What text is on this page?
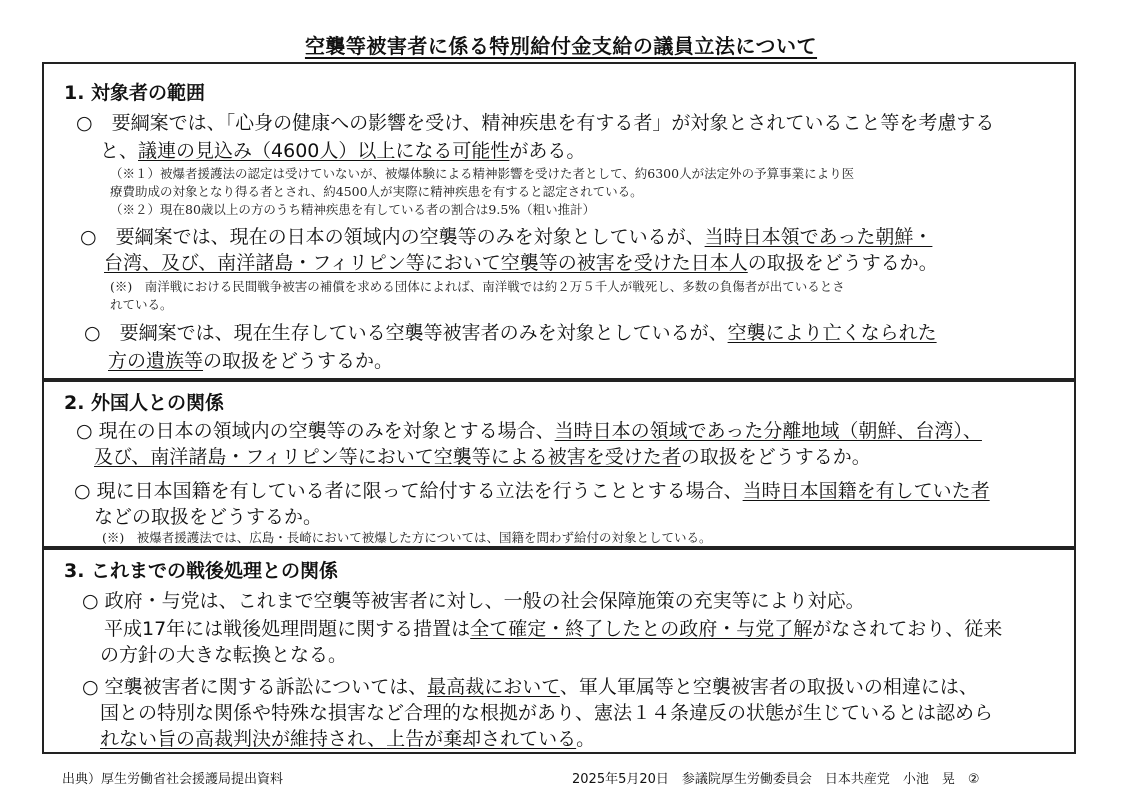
空襲等被害者に係る特別給付金支給の議員立法について
1. 対象者の範囲
○　要綱案では、「心身の健康への影響を受け、精神疾患を有する者」が対象とされていること等を考慮する
と、議連の見込み（4600人）以上になる可能性がある。
（※１）被爆者援護法の認定は受けていないが、被爆体験による精神影響を受けた者として、約6300人が法定外の予算事業により医
療費助成の対象となり得る者とされ、約4500人が実際に精神疾患を有すると認定されている。
（※２）現在80歳以上の方のうち精神疾患を有している者の割合は9.5%（粗い推計）
○　要綱案では、現在の日本の領域内の空襲等のみを対象としているが、当時日本領であった朝鮮・
台湾、及び、南洋諸島・フィリピン等において空襲等の被害を受けた日本人の取扱をどうするか。
(※)　南洋戦における民間戦争被害の補償を求める団体によれば、南洋戦では約２万５千人が戦死し、多数の負傷者が出ているとさ
れている。
○　要綱案では、現在生存している空襲等被害者のみを対象としているが、空襲により亡くなられた
方の遺族等の取扱をどうするか。
2. 外国人との関係
○ 現在の日本の領域内の空襲等のみを対象とする場合、当時日本の領域であった分離地域（朝鮮、台湾）、
及び、南洋諸島・フィリピン等において空襲等による被害を受けた者の取扱をどうするか。
○ 現に日本国籍を有している者に限って給付する立法を行うこととする場合、当時日本国籍を有していた者
などの取扱をどうするか。
(※)　被爆者援護法では、広島・長崎において被爆した方については、国籍を問わず給付の対象としている。
3. これまでの戦後処理との関係
○ 政府・与党は、これまで空襲等被害者に対し、一般の社会保障施策の充実等により対応。
平成17年には戦後処理問題に関する措置は全て確定・終了したとの政府・与党了解がなされており、従来
の方針の大きな転換となる。
○ 空襲被害者に関する訴訟については、最高裁において、軍人軍属等と空襲被害者の取扱いの相違には、
国との特別な関係や特殊な損害など合理的な根拠があり、憲法１４条違反の状態が生じているとは認めら
れない旨の高裁判決が維持され、上告が棄却されている。
出典）厚生労働省社会援護局提出資料	2025年5月20日　参議院厚生労働委員会　日本共産党　小池　晃　②
